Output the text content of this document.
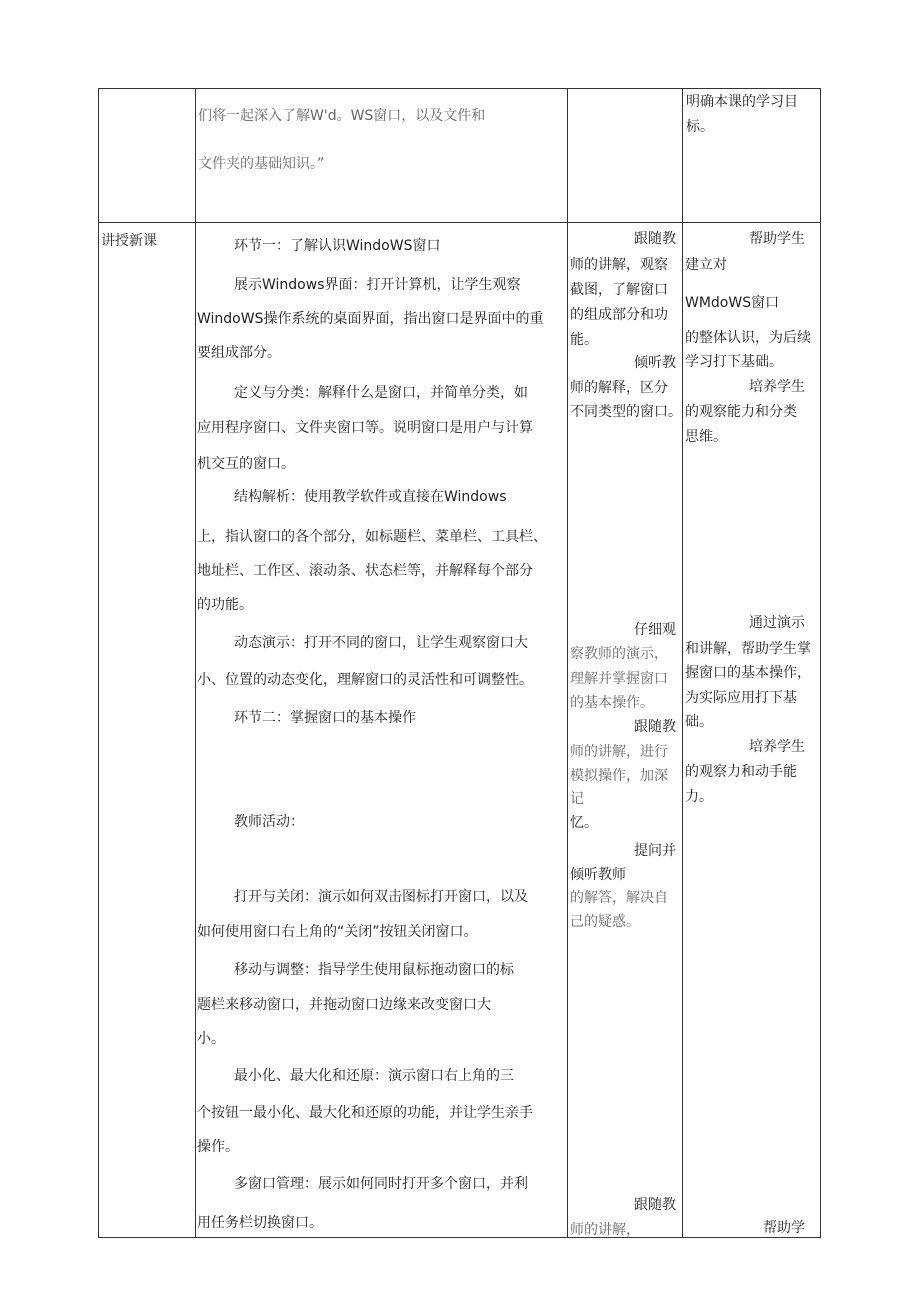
们将一起深入了解W'd。WS窗口，以及文件和

文件夹的基础知识。”

明确本课的学习目标。

讲授新课	环节一：了解认识WindoWS窗口

展示Windows界面：打开计算机，让学生观察

WindoWS操作系统的桌面界面，指出窗口是界面中的重

要组成部分。

定义与分类：解释什么是窗口，并简单分类，如

应用程序窗口、文件夹窗口等。说明窗口是用户与计算

机交互的窗口。

结构解析：使用教学软件或直接在Windows

上，指认窗口的各个部分，如标题栏、菜单栏、工具栏、

地址栏、工作区、滚动条、状态栏等，并解释每个部分

的功能。

动态演示：打开不同的窗口，让学生观察窗口大

小、位置的动态变化，理解窗口的灵活性和可调整性。

环节二：掌握窗口的基本操作

教师活动：

打开与关闭：演示如何双击图标打开窗口，以及

如何使用窗口右上角的“关闭”按钮关闭窗口。

移动与调整：指导学生使用鼠标拖动窗口的标

题栏来移动窗口，并拖动窗口边缘来改变窗口大

小。

最小化、最大化和还原：演示窗口右上角的三

个按钮一最小化、最大化和还原的功能，并让学生亲手

操作。

多窗口管理：展示如何同时打开多个窗口，并利

用任务栏切换窗口。

跟随教

师的讲解，观察

截图，了解窗口

的组成部分和功

能。

倾听教

师的解释，区分

不同类型的窗口。

仔细观

察教师的演示，

理解并掌握窗口

的基本操作。

跟随教

师的讲解，进行

模拟操作，加深

记

忆。

提问并

倾听教师

的解答，解决自

己的疑惑。

跟随教

师的讲解，

帮助学生

建立对

WMdoWS窗口

的整体认识，为后续

学习打下基础。

培养学生

的观察能力和分类

思维。

通过演示

和讲解，帮助学生掌

握窗口的基本操作，

为实际应用打下基

础。

培养学生

的观察力和动手能

力。

帮助学
